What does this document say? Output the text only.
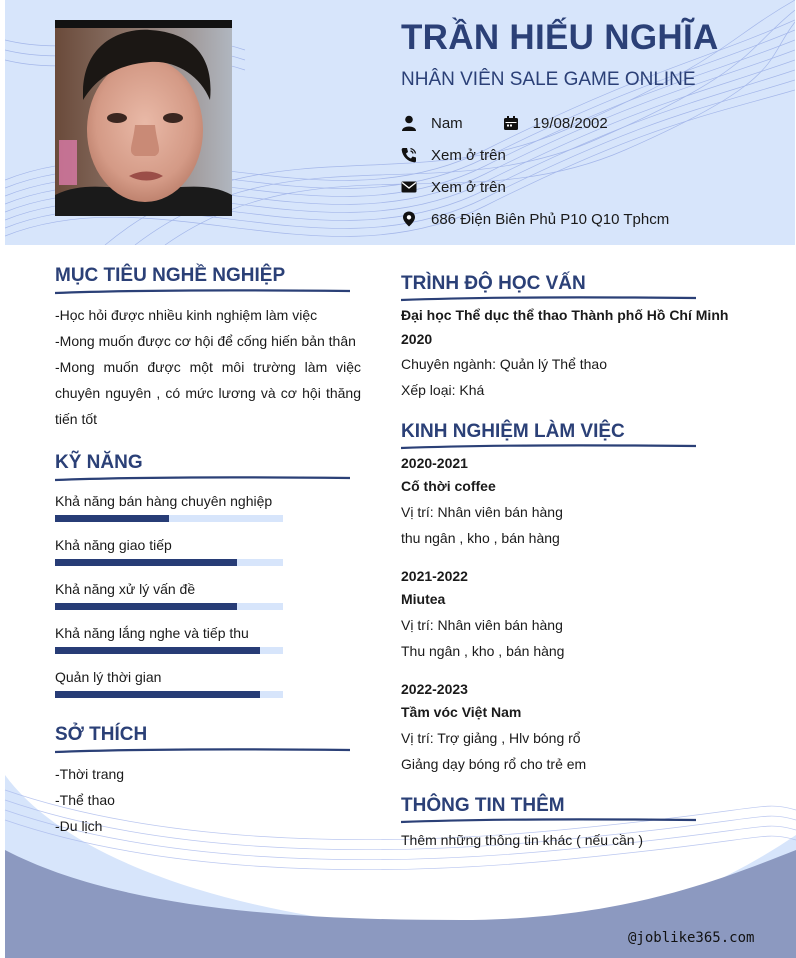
TRẦN HIẾU NGHĨA
NHÂN VIÊN SALE GAME ONLINE
Nam	19/08/2002
Xem ở trên
Xem ở trên
686 Điện Biên Phủ P10 Q10 Tphcm
MỤC TIÊU NGHỀ NGHIỆP
-Học hỏi được nhiều kinh nghiệm làm việc
-Mong muốn được cơ hội để cống hiến bản thân
-Mong muốn được một môi trường làm việc chuyên nguyên , có mức lương và cơ hội thăng tiến tốt
KỸ NĂNG
Khả năng bán hàng chuyên nghiệp
Khả năng giao tiếp
Khả năng xử lý vấn đề
Khả năng lắng nghe và tiếp thu
Quản lý thời gian
SỞ THÍCH
-Thời trang
-Thể thao
-Du lịch
TRÌNH ĐỘ HỌC VẤN
Đại học Thể dục thể thao Thành phố Hồ Chí Minh
2020
Chuyên ngành: Quản lý Thể thao
Xếp loại: Khá
KINH NGHIỆM LÀM VIỆC
2020-2021
Cố thời coffee
Vị trí: Nhân viên bán hàng
thu ngân , kho , bán hàng
2021-2022
Miutea
Vị trí: Nhân viên bán hàng
Thu ngân , kho , bán hàng
2022-2023
Tầm vóc Việt Nam
Vị trí: Trợ giảng , Hlv bóng rổ
Giảng dạy bóng rổ cho trẻ em
THÔNG TIN THÊM
Thêm những thông tin khác ( nếu cần )
@joblike365.com
